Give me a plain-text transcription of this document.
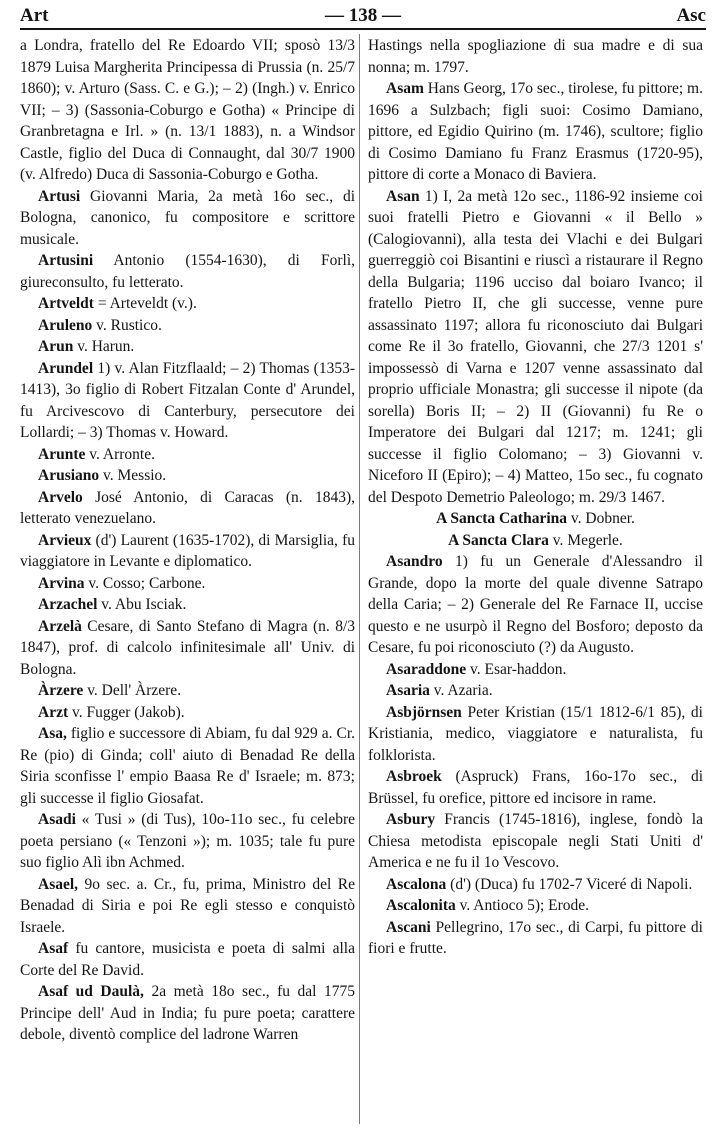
Art	— 138 —	Asc

a Londra, fratello del Re Edoardo VII; sposò 13/3 1879 Luisa Margherita Principessa di Prussia (n. 25/7 1860); v. Arturo (Sass. C. e G.); – 2) (Ingh.) v. Enrico VII; – 3) (Sassonia-Coburgo e Gotha) « Principe di Granbretagna e Irl. » (n. 13/1 1883), n. a Windsor Castle, figlio del Duca di Connaught, dal 30/7 1900 (v. Alfredo) Duca di Sassonia-Coburgo e Gotha.

Artusi Giovanni Maria, 2a metà 16o sec., di Bologna, canonico, fu compositore e scrittore musicale.

Artusini Antonio (1554-1630), di Forlì, giureconsulto, fu letterato.

Artveldt = Arteveldt (v.).

Aruleno v. Rustico.

Arun v. Harun.

Arundel 1) v. Alan Fitzflaald; – 2) Thomas (1353-1413), 3o figlio di Robert Fitzalan Conte d' Arundel, fu Arcivescovo di Canterbury, persecutore dei Lollardi; – 3) Thomas v. Howard.

Arunte v. Arronte.

Arusiano v. Messio.

Arvelo José Antonio, di Caracas (n. 1843), letterato venezuelano.

Arvieux (d') Laurent (1635-1702), di Marsiglia, fu viaggiatore in Levante e diplomatico.

Arvina v. Cosso; Carbone.

Arzachel v. Abu Isciak.

Arzelà Cesare, di Santo Stefano di Magra (n. 8/3 1847), prof. di calcolo infinitesimale all' Univ. di Bologna.

Àrzere v. Dell' Àrzere.

Arzt v. Fugger (Jakob).

Asa, figlio e successore di Abiam, fu dal 929 a. Cr. Re (pio) di Ginda; coll' aiuto di Benadad Re della Siria sconfisse l' empio Baasa Re d' Israele; m. 873; gli successe il figlio Giosafat.

Asadi « Tusi » (di Tus), 10o-11o sec., fu celebre poeta persiano (« Tenzoni »); m. 1035; tale fu pure suo figlio Alì ibn Achmed.

Asael, 9o sec. a. Cr., fu, prima, Ministro del Re Benadad di Siria e poi Re egli stesso e conquistò Israele.

Asaf fu cantore, musicista e poeta di salmi alla Corte del Re David.

Asaf ud Daulà, 2a metà 18o sec., fu dal 1775 Principe dell' Aud in India; fu pure poeta; carattere debole, diventò complice del ladrone Warren

Hastings nella spogliazione di sua madre e di sua nonna; m. 1797.

Asam Hans Georg, 17o sec., tirolese, fu pittore; m. 1696 a Sulzbach; figli suoi: Cosimo Damiano, pittore, ed Egidio Quirino (m. 1746), scultore; figlio di Cosimo Damiano fu Franz Erasmus (1720-95), pittore di corte a Monaco di Baviera.

Asan 1) I, 2a metà 12o sec., 1186-92 insieme coi suoi fratelli Pietro e Giovanni « il Bello » (Calogiovanni), alla testa dei Vlachi e dei Bulgari guerreggiò coi Bisantini e riuscì a ristaurare il Regno della Bulgaria; 1196 ucciso dal boiaro Ivanco; il fratello Pietro II, che gli successe, venne pure assassinato 1197; allora fu riconosciuto dai Bulgari come Re il 3o fratello, Giovanni, che 27/3 1201 s' impossessò di Varna e 1207 venne assassinato dal proprio ufficiale Monastra; gli successe il nipote (da sorella) Boris II; – 2) II (Giovanni) fu Re o Imperatore dei Bulgari dal 1217; m. 1241; gli successe il figlio Colomano; – 3) Giovanni v. Niceforo II (Epiro); – 4) Matteo, 15o sec., fu cognato del Despoto Demetrio Paleologo; m. 29/3 1467.

A Sancta Catharina v. Dobner.

A Sancta Clara v. Megerle.

Asandro 1) fu un Generale d'Alessandro il Grande, dopo la morte del quale divenne Satrapo della Caria; – 2) Generale del Re Farnace II, uccise questo e ne usurpò il Regno del Bosforo; deposto da Cesare, fu poi riconosciuto (?) da Augusto.

Asaraddone v. Esar-haddon.

Asaria v. Azaria.

Asbjörnsen Peter Kristian (15/1 1812-6/1 85), di Kristiania, medico, viaggiatore e naturalista, fu folklorista.

Asbroek (Aspruck) Frans, 16o-17o sec., di Brüssel, fu orefice, pittore ed incisore in rame.

Asbury Francis (1745-1816), inglese, fondò la Chiesa metodista episcopale negli Stati Uniti d' America e ne fu il 1o Vescovo.

Ascalona (d') (Duca) fu 1702-7 Viceré di Napoli.

Ascalonita v. Antioco 5); Erode.

Ascani Pellegrino, 17o sec., di Carpi, fu pittore di fiori e frutte.
